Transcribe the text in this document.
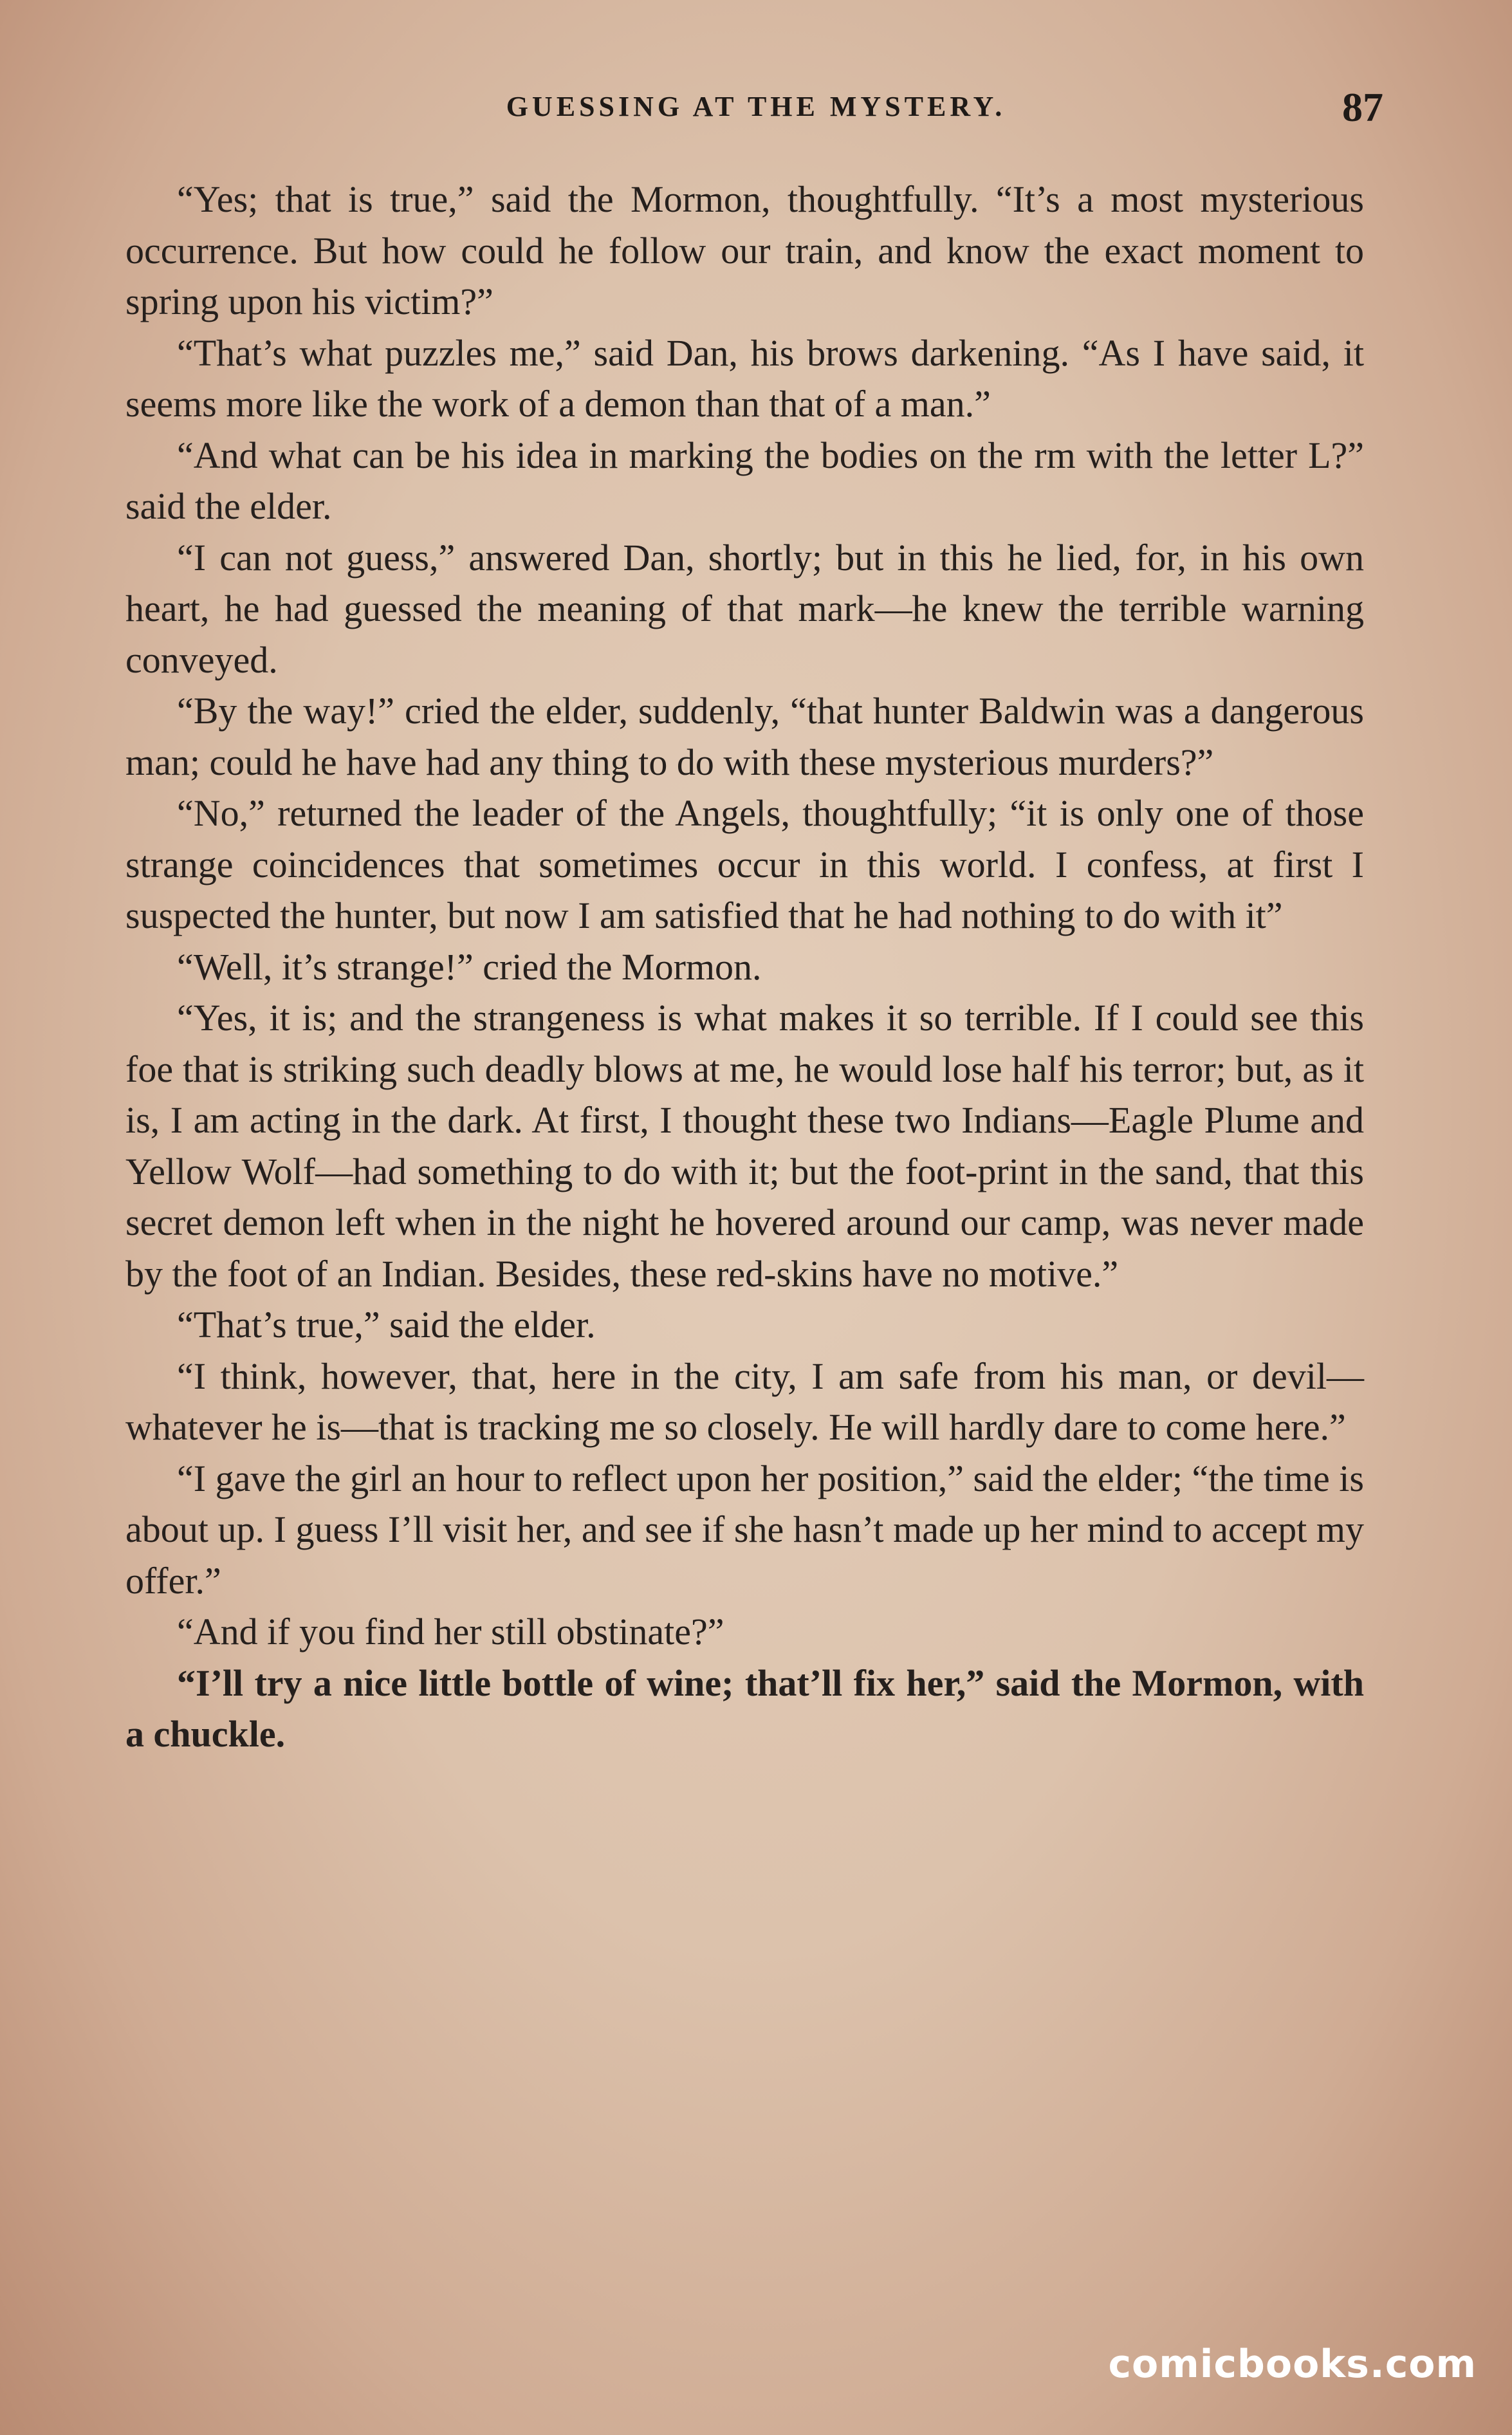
GUESSING AT THE MYSTERY.	87

“Yes; that is true,” said the Mormon, thoughtfully. “It’s a most mysterious occurrence. But how could he follow our train, and know the exact moment to spring upon his victim?”

“That’s what puzzles me,” said Dan, his brows darkening. “As I have said, it seems more like the work of a demon than that of a man.”

“And what can be his idea in marking the bodies on the rm with the letter L?” said the elder.

“I can not guess,” answered Dan, shortly; but in this he lied, for, in his own heart, he had guessed the meaning of that mark—he knew the terrible warning conveyed.

“By the way!” cried the elder, suddenly, “that hunter Baldwin was a dangerous man; could he have had any thing to do with these mysterious murders?”

“No,” returned the leader of the Angels, thoughtfully; “it is only one of those strange coincidences that sometimes occur in this world. I confess, at first I suspected the hunter, but now I am satisfied that he had nothing to do with it”

“Well, it’s strange!” cried the Mormon.

“Yes, it is; and the strangeness is what makes it so terrible. If I could see this foe that is striking such deadly blows at me, he would lose half his terror; but, as it is, I am acting in the dark. At first, I thought these two Indians—Eagle Plume and Yellow Wolf—had something to do with it; but the foot-print in the sand, that this secret demon left when in the night he hovered around our camp, was never made by the foot of an Indian. Besides, these red-skins have no motive.”

“That’s true,” said the elder.

“I think, however, that, here in the city, I am safe from his man, or devil—whatever he is—that is tracking me so closely. He will hardly dare to come here.”

“I gave the girl an hour to reflect upon her position,” said the elder; “the time is about up. I guess I’ll visit her, and see if she hasn’t made up her mind to accept my offer.”

“And if you find her still obstinate?”

“I’ll try a nice little bottle of wine; that’ll fix her,” said the Mormon, with a chuckle.

comicbooks.com
